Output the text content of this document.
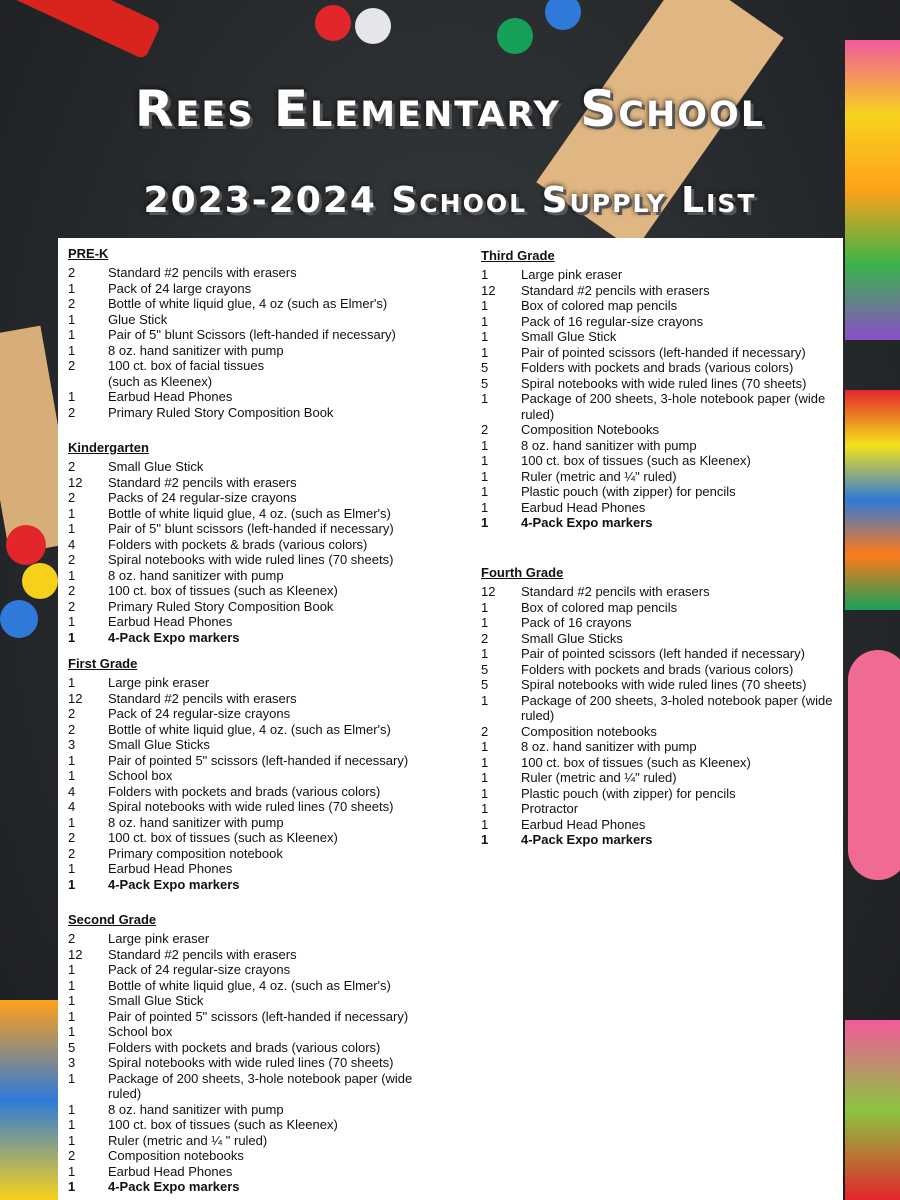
Rees Elementary School
2023-2024 School Supply List
PRE-K
2	Standard #2 pencils with erasers
1	Pack of 24 large crayons
2	Bottle of white liquid glue, 4 oz (such as Elmer's)
1	Glue Stick
1	Pair of 5" blunt Scissors (left-handed if necessary)
1	8 oz. hand sanitizer with pump
2	100 ct. box of facial tissues
(such as Kleenex)
1	Earbud Head Phones
2	Primary Ruled Story Composition Book
Kindergarten
2	Small Glue Stick
12	Standard #2 pencils with erasers
2	Packs of 24 regular-size crayons
1	Bottle of white liquid glue, 4 oz. (such as Elmer's)
1	Pair of 5" blunt scissors (left-handed if necessary)
4	Folders with pockets & brads (various colors)
2	Spiral notebooks with wide ruled lines (70 sheets)
1	8 oz. hand sanitizer with pump
2	100 ct. box of tissues (such as Kleenex)
2	Primary Ruled Story Composition Book
1	Earbud Head Phones
1	4-Pack Expo markers
First Grade
1	Large pink eraser
12	Standard #2 pencils with erasers
2	Pack of 24 regular-size crayons
2	Bottle of white liquid glue, 4 oz. (such as Elmer's)
3	Small Glue Sticks
1	Pair of pointed 5" scissors (left-handed if necessary)
1	School box
4	Folders with pockets and brads (various colors)
4	Spiral notebooks with wide ruled lines (70 sheets)
1	8 oz. hand sanitizer with pump
2	100 ct. box of tissues (such as Kleenex)
2	Primary composition notebook
1	Earbud Head Phones
1	4-Pack Expo markers
Second Grade
2	Large pink eraser
12	Standard #2 pencils with erasers
1	Pack of 24 regular-size crayons
1	Bottle of white liquid glue, 4 oz. (such as Elmer's)
1	Small Glue Stick
1	Pair of pointed 5" scissors (left-handed if necessary)
1	School box
5	Folders with pockets and brads (various colors)
3	Spiral notebooks with wide ruled lines (70 sheets)
1	Package of 200 sheets, 3-hole notebook paper (wide ruled)
1	8 oz. hand sanitizer with pump
1	100 ct. box of tissues (such as Kleenex)
1	Ruler (metric and ¼ " ruled)
2	Composition notebooks
1	Earbud Head Phones
1	4-Pack Expo markers
Third Grade
1	Large pink eraser
12	Standard #2 pencils with erasers
1	Box of colored map pencils
1	Pack of 16 regular-size crayons
1	Small Glue Stick
1	Pair of pointed scissors (left-handed if necessary)
5	Folders with pockets and brads (various colors)
5	Spiral notebooks with wide ruled lines (70 sheets)
1	Package of 200 sheets, 3-hole notebook paper (wide ruled)
2	Composition Notebooks
1	8 oz. hand sanitizer with pump
1	100 ct. box of tissues (such as Kleenex)
1	Ruler (metric and ¼" ruled)
1	Plastic pouch (with zipper) for pencils
1	Earbud Head Phones
1	4-Pack Expo markers
Fourth Grade
12	Standard #2 pencils with erasers
1	Box of colored map pencils
1	Pack of 16 crayons
2	Small Glue Sticks
1	Pair of pointed scissors (left handed if necessary)
5	Folders with pockets and brads (various colors)
5	Spiral notebooks with wide ruled lines (70 sheets)
1	Package of 200 sheets, 3-holed notebook paper (wide ruled)
2	Composition notebooks
1	8 oz. hand sanitizer with pump
1	100 ct. box of tissues (such as Kleenex)
1	Ruler (metric and ¼" ruled)
1	Plastic pouch (with zipper) for pencils
1	Protractor
1	Earbud Head Phones
1	4-Pack Expo markers
